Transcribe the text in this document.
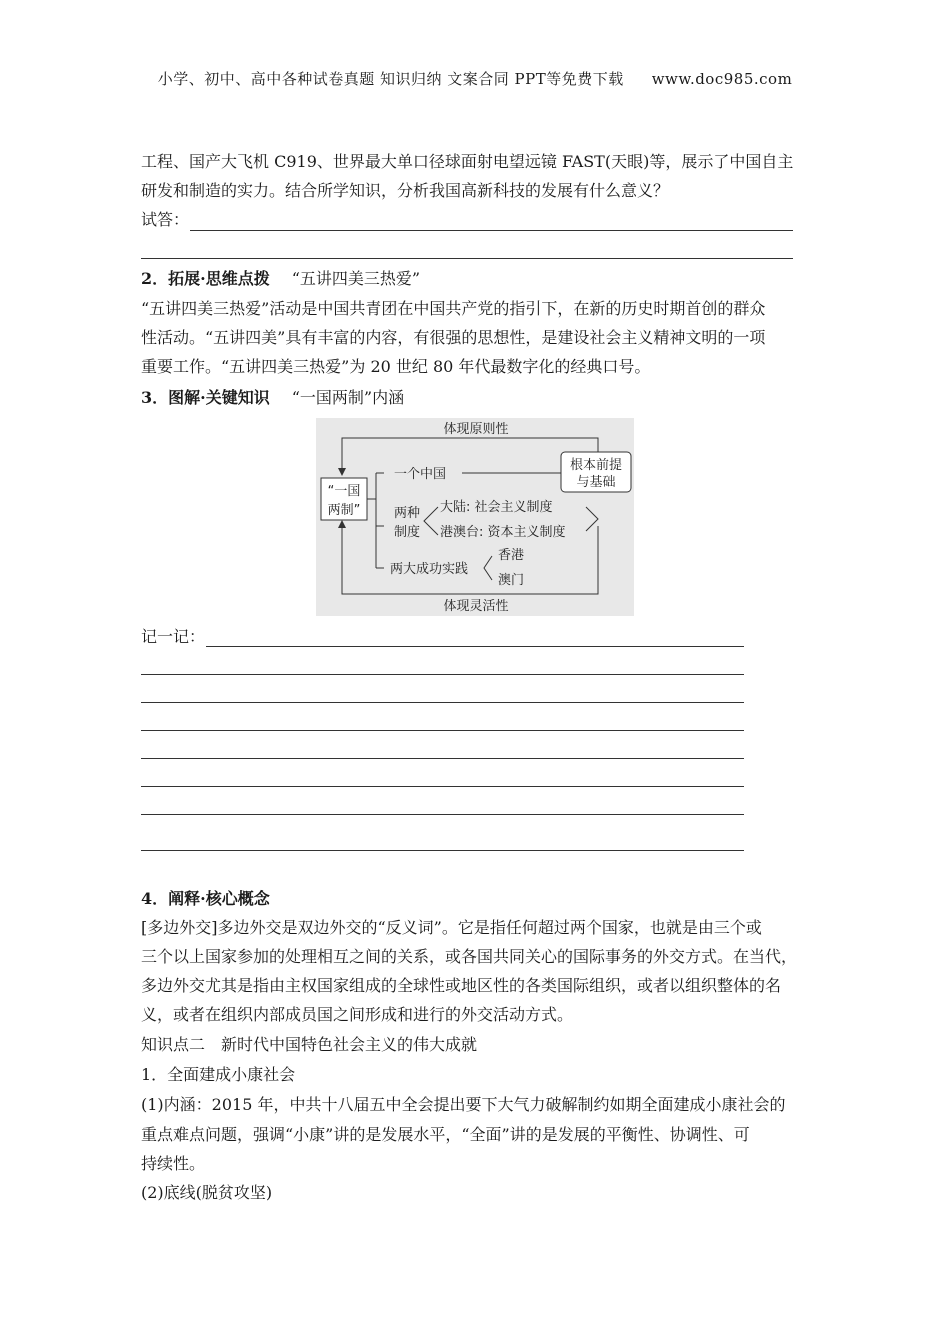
小学、初中、高中各种试卷真题 知识归纳 文案合同 PPT等免费下载 www.doc985.com
工程、国产大飞机 C919、世界最大单口径球面射电望远镜 FAST(天眼)等，展示了中国自主
研发和制造的实力。结合所学知识，分析我国高新科技的发展有什么意义？
试答：
2．拓展·思维点拨 “五讲四美三热爱”
“五讲四美三热爱”活动是中国共青团在中国共产党的指引下，在新的历史时期首创的群众
性活动。“五讲四美”具有丰富的内容，有很强的思想性，是建设社会主义精神文明的一项
重要工作。“五讲四美三热爱”为 20 世纪 80 年代最数字化的经典口号。
3．图解·关键知识 “一国两制”内涵
体现原则性
体现灵活性
“一国
两制”
一个中国
根本前提
与基础
两种
制度
大陆: 社会主义制度
港澳台: 资本主义制度
两大成功实践
香港
澳门
记一记：
4．阐释·核心概念
[多边外交]多边外交是双边外交的“反义词”。它是指任何超过两个国家，也就是由三个或
三个以上国家参加的处理相互之间的关系，或各国共同关心的国际事务的外交方式。在当代，
多边外交尤其是指由主权国家组成的全球性或地区性的各类国际组织，或者以组织整体的名
义，或者在组织内部成员国之间形成和进行的外交活动方式。
知识点二　新时代中国特色社会主义的伟大成就
1．全面建成小康社会
(1)内涵：2015 年，中共十八届五中全会提出要下大气力破解制约如期全面建成小康社会的
重点难点问题，强调“小康”讲的是发展水平，“全面”讲的是发展的平衡性、协调性、可
持续性。
(2)底线(脱贫攻坚)
